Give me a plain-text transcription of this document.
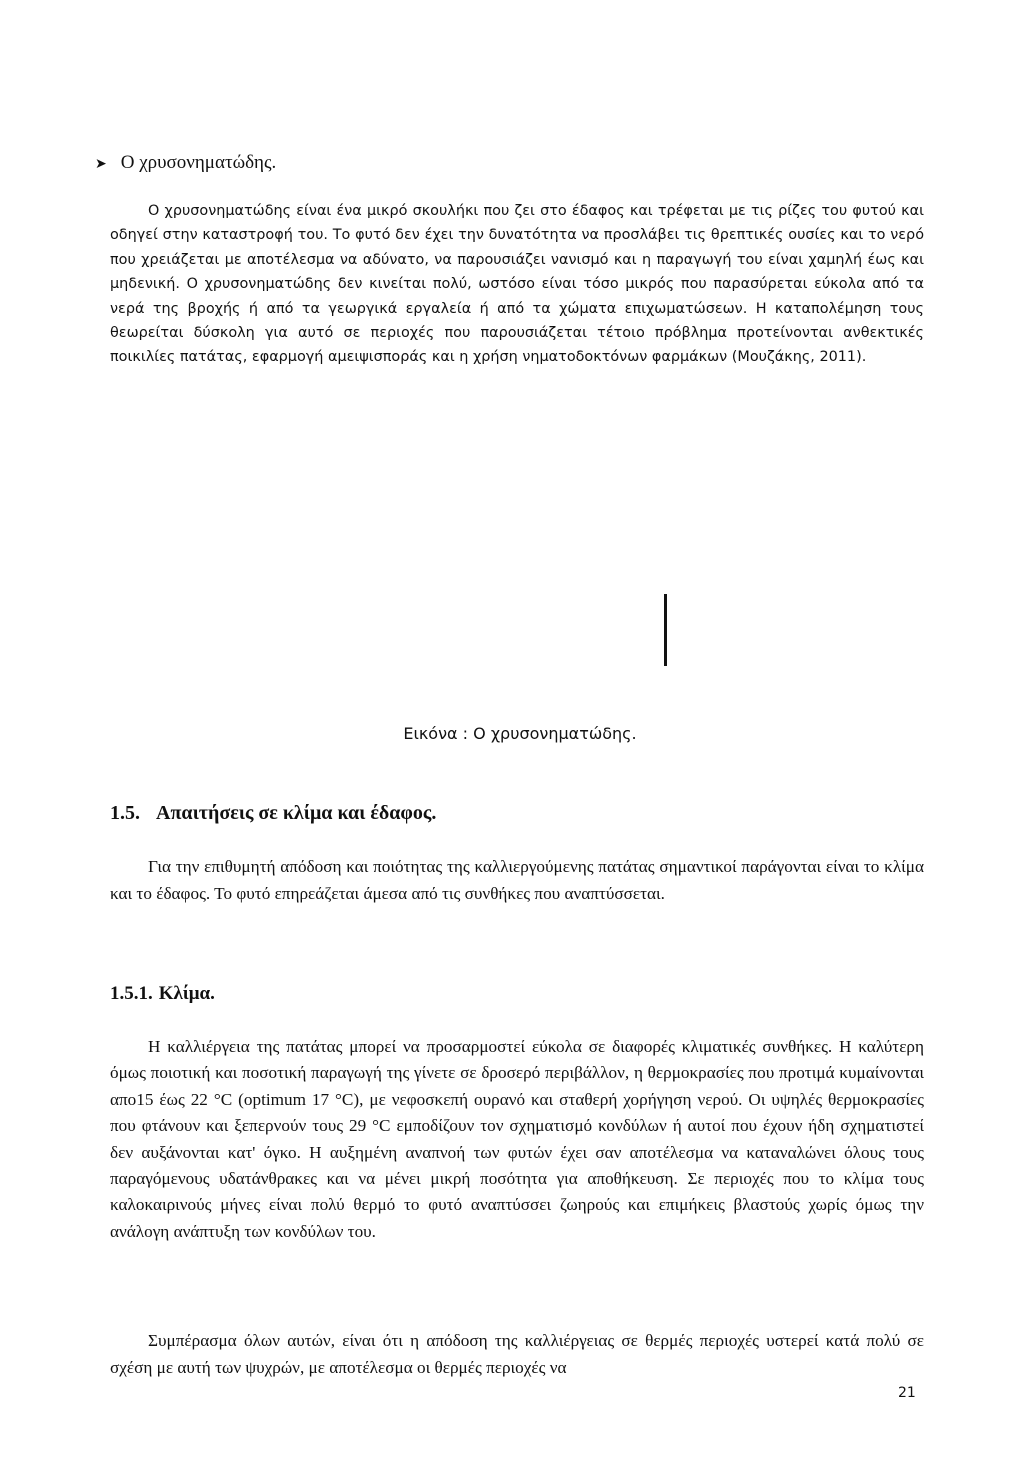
➤ Ο χρυσονηματώδης.

Ο χρυσονηματώδης είναι ένα μικρό σκουλήκι που ζει στο έδαφος και τρέφεται με τις ρίζες του φυτού και οδηγεί στην καταστροφή του. Το φυτό δεν έχει την δυνατότητα να προσλάβει τις θρεπτικές ουσίες και το νερό που χρειάζεται με αποτέλεσμα να αδύνατο, να παρουσιάζει νανισμό και η παραγωγή του είναι χαμηλή έως και μηδενική. Ο χρυσονηματώδης δεν κινείται πολύ, ωστόσο είναι τόσο μικρός που παρασύρεται εύκολα από τα νερά της βροχής ή από τα γεωργικά εργαλεία ή από τα χώματα επιχωματώσεων. Η καταπολέμηση τους θεωρείται δύσκολη για αυτό σε περιοχές που παρουσιάζεται τέτοιο πρόβλημα προτείνονται ανθεκτικές ποικιλίες πατάτας, εφαρμογή αμειψισποράς και η χρήση νηματοδοκτόνων φαρμάκων (Μουζάκης, 2011).

Εικόνα : Ο χρυσονηματώδης.
1.5. Απαιτήσεις σε κλίμα και έδαφος.

Για την επιθυμητή απόδοση και ποιότητας της καλλιεργούμενης πατάτας σημαντικοί παράγονται είναι το κλίμα και το έδαφος. Το φυτό επηρεάζεται άμεσα από τις συνθήκες που αναπτύσσεται.

1.5.1. Κλίμα.

Η καλλιέργεια της πατάτας μπορεί να προσαρμοστεί εύκολα σε διαφορές κλιματικές συνθήκες. Η καλύτερη όμως ποιοτική και ποσοτική παραγωγή της γίνετε σε δροσερό περιβάλλον, η θερμοκρασίες που προτιμά κυμαίνονται απο15 έως 22 °C (optimum 17 °C), με νεφοσκεπή ουρανό και σταθερή χορήγηση νερού. Οι υψηλές θερμοκρασίες που φτάνουν και ξεπερνούν τους 29 °C εμποδίζουν τον σχηματισμό κονδύλων ή αυτοί που έχουν ήδη σχηματιστεί δεν αυξάνονται κατ' όγκο. Η αυξημένη αναπνοή των φυτών έχει σαν αποτέλεσμα να καταναλώνει όλους τους παραγόμενους υδατάνθρακες και να μένει μικρή ποσότητα για αποθήκευση. Σε περιοχές που το κλίμα τους καλοκαιρινούς μήνες είναι πολύ θερμό το φυτό αναπτύσσει ζωηρούς και επιμήκεις βλαστούς χωρίς όμως την ανάλογη ανάπτυξη των κονδύλων του.

Συμπέρασμα όλων αυτών, είναι ότι η απόδοση της καλλιέργειας σε θερμές περιοχές υστερεί κατά πολύ σε σχέση με αυτή των ψυχρών, με αποτέλεσμα οι θερμές περιοχές να

21
